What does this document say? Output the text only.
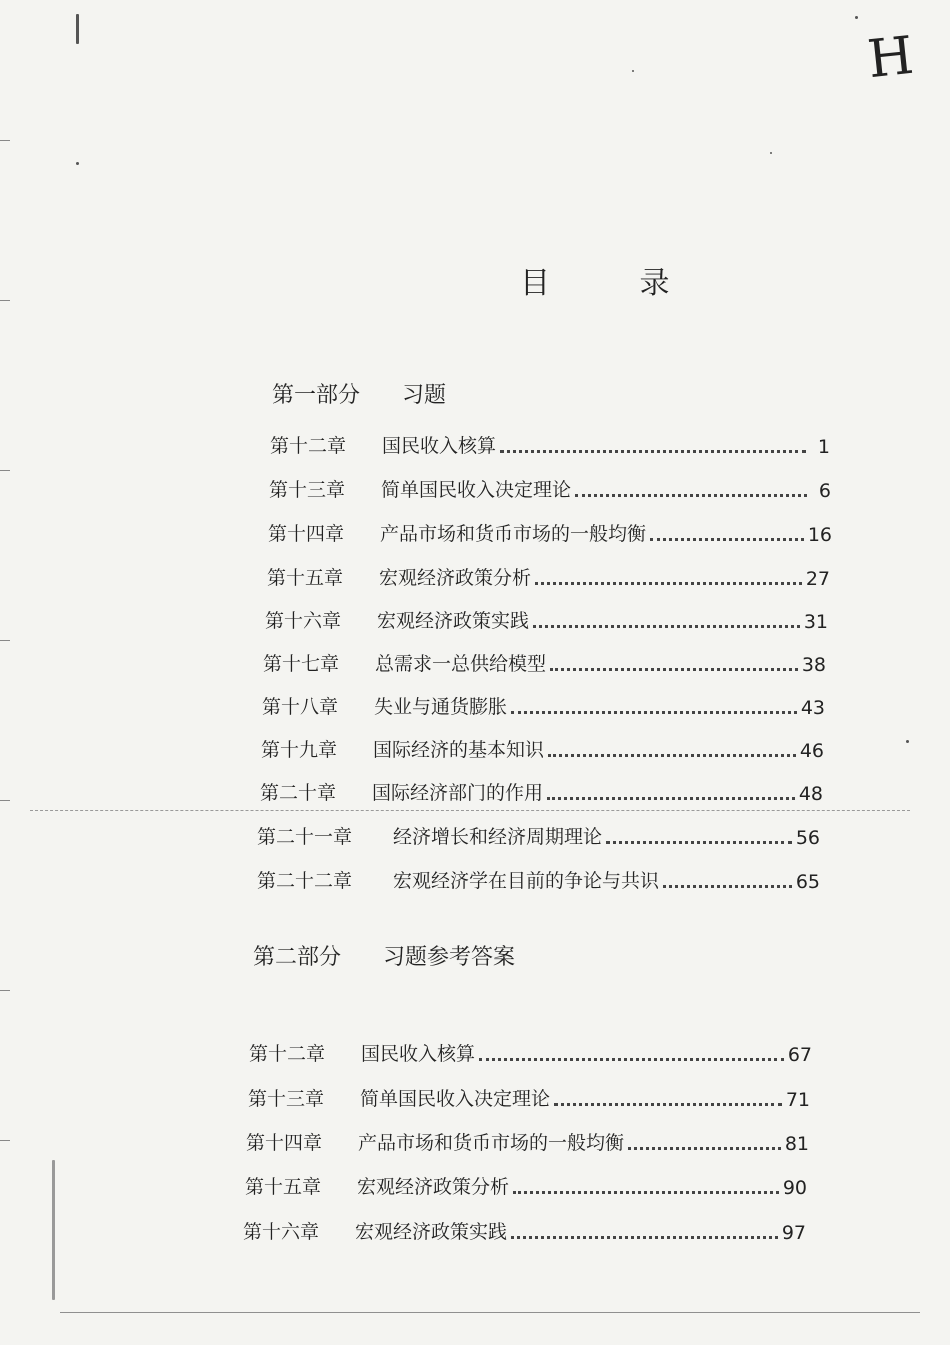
H
目 录
第一部分 习题
第十二章	国民收入核算	1
第十三章	简单国民收入决定理论	6
第十四章	产品市场和货币市场的一般均衡	16
第十五章	宏观经济政策分析	27
第十六章	宏观经济政策实践	31
第十七章	总需求一总供给模型	38
第十八章	失业与通货膨胀	43
第十九章	国际经济的基本知识	46
第二十章	国际经济部门的作用	48
第二十一章	经济增长和经济周期理论	56
第二十二章	宏观经济学在目前的争论与共识	65
第二部分 习题参考答案
第十二章	国民收入核算	67
第十三章	简单国民收入决定理论	71
第十四章	产品市场和货币市场的一般均衡	81
第十五章	宏观经济政策分析	90
第十六章	宏观经济政策实践	97
